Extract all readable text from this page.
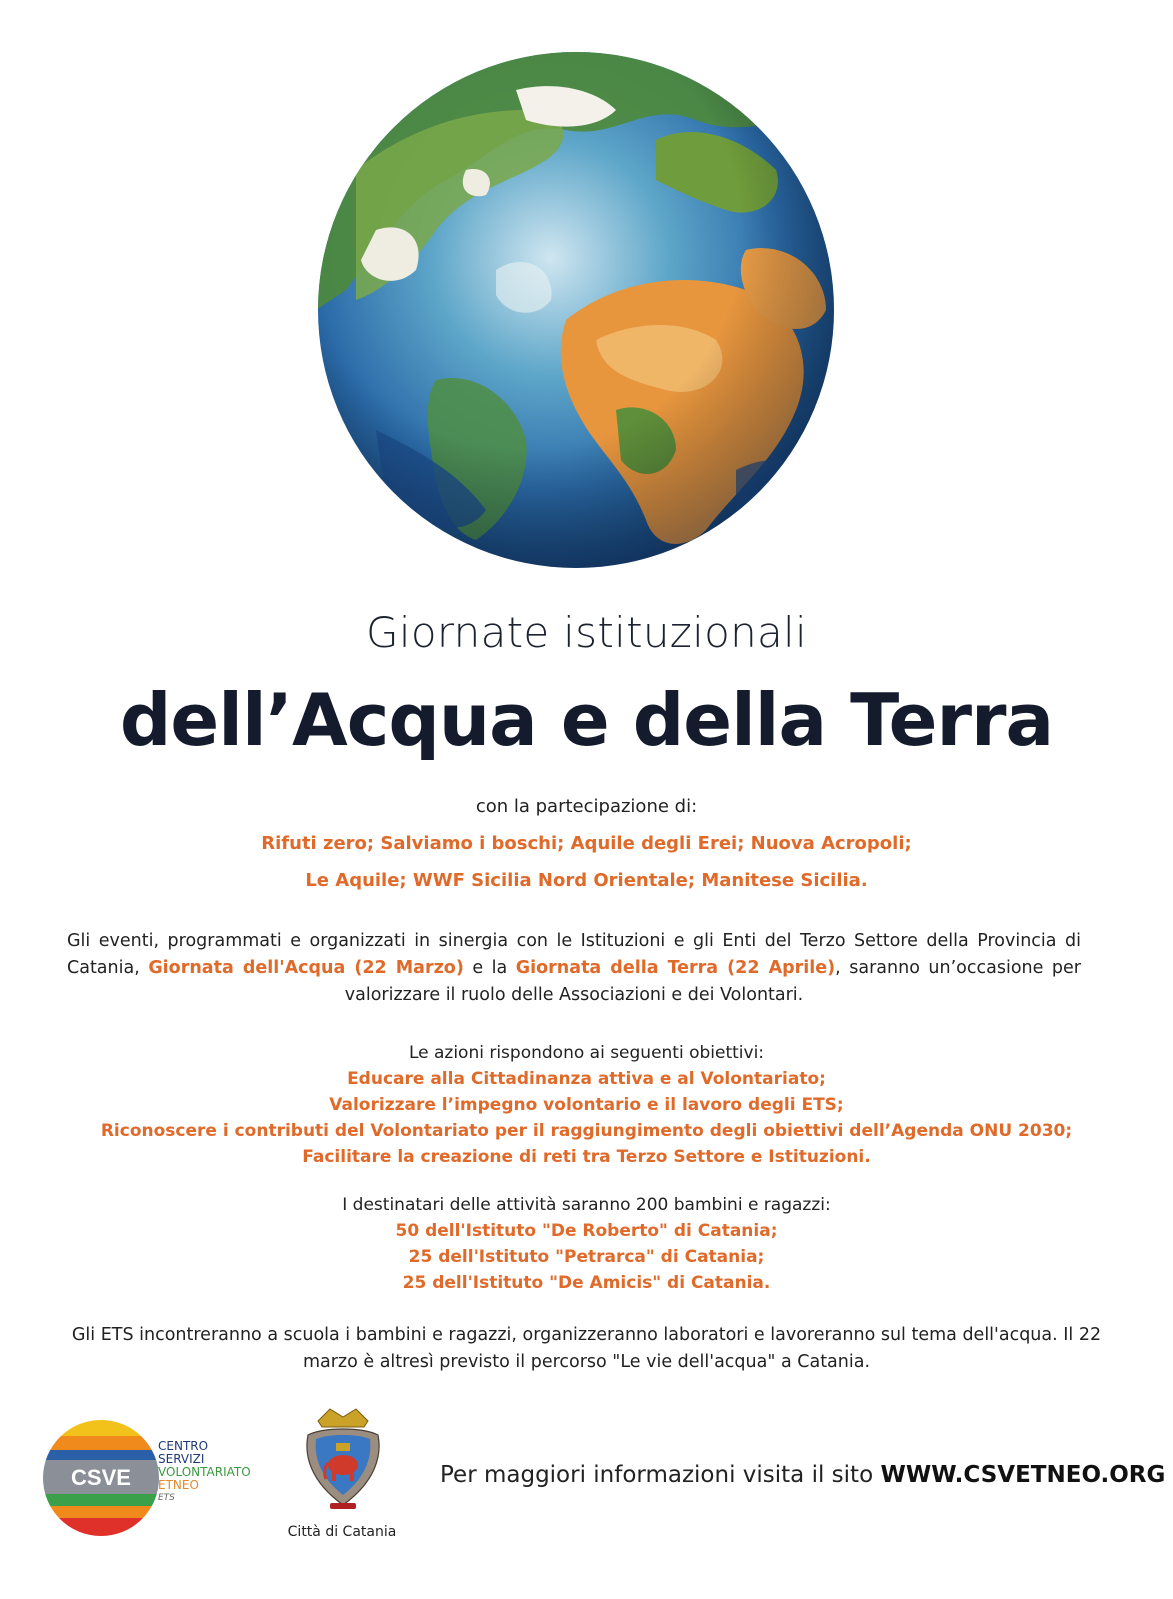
Giornate istituzionali
dell’Acqua e della Terra
con la partecipazione di:
Rifuti zero; Salviamo i boschi; Aquile degli Erei; Nuova Acropoli;
Le Aquile; WWF Sicilia Nord Orientale; Manitese Sicilia.
Gli eventi, programmati e organizzati in sinergia con le Istituzioni e gli Enti del Terzo Settore della Provincia di Catania, Giornata dell'Acqua (22 Marzo) e la Giornata della Terra (22 Aprile), saranno un’occasione per valorizzare il ruolo delle Associazioni e dei Volontari.
Le azioni rispondono ai seguenti obiettivi:
Educare alla Cittadinanza attiva e al Volontariato;
Valorizzare l’impegno volontario e il lavoro degli ETS;
Riconoscere i contributi del Volontariato per il raggiungimento degli obiettivi dell’Agenda ONU 2030;
Facilitare la creazione di reti tra Terzo Settore e Istituzioni.
I destinatari delle attività saranno 200 bambini e ragazzi:
50 dell'Istituto "De Roberto" di Catania;
25 dell'Istituto "Petrarca" di Catania;
25 dell'Istituto "De Amicis" di Catania.
Gli ETS incontreranno a scuola i bambini e ragazzi, organizzeranno laboratori e lavoreranno sul tema dell'acqua. Il 22 marzo è altresì previsto il percorso "Le vie dell'acqua" a Catania.
CSVE
CENTRO
SERVIZI
VOLONTARIATO
ETNEO
ETS
Città di Catania
Per maggiori informazioni visita il sito WWW.CSVETNEO.ORG
